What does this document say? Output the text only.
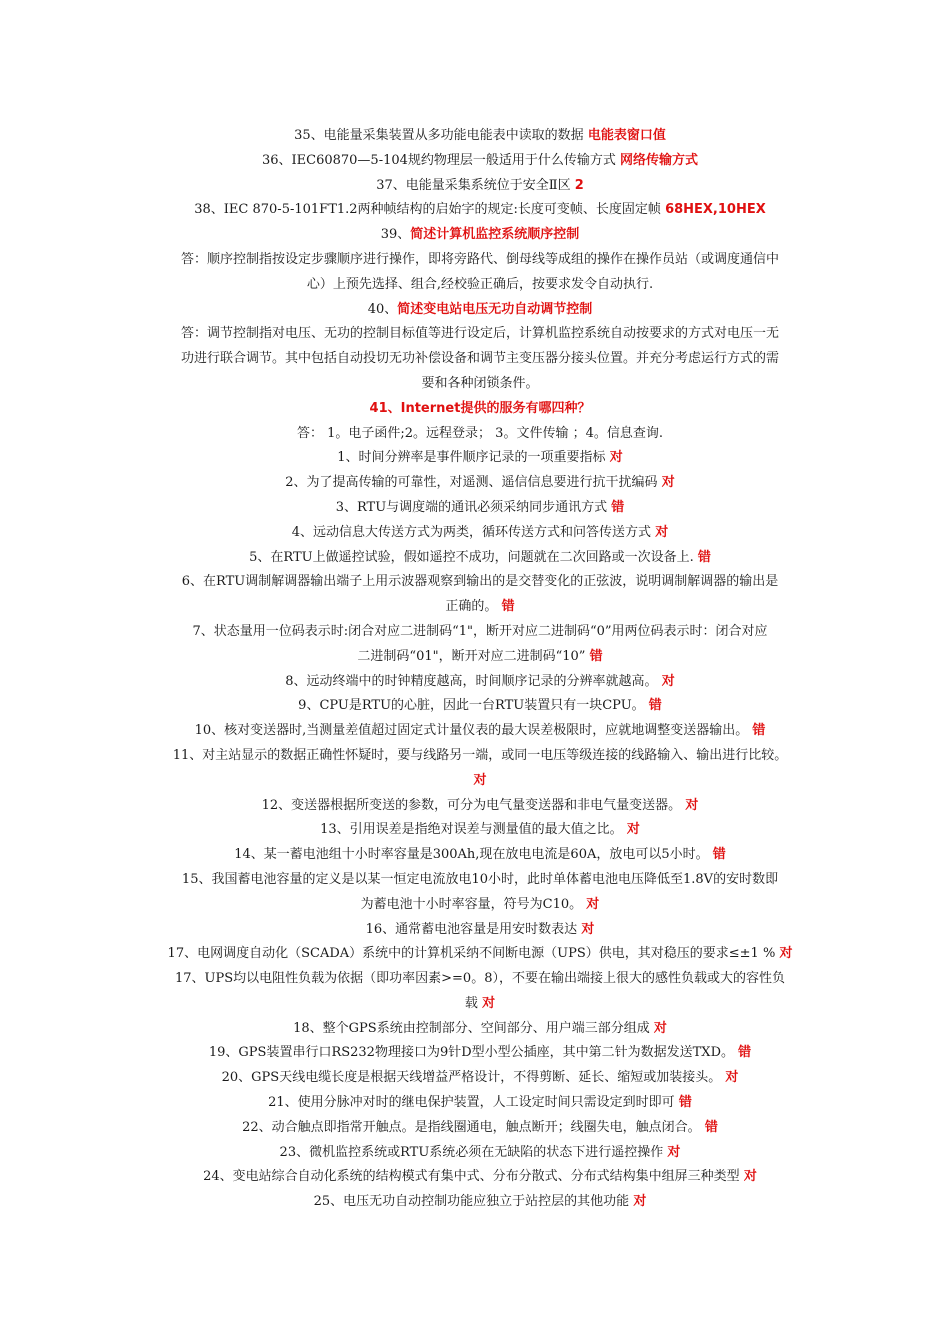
35、电能量采集装置从多功能电能表中读取的数据 电能表窗口值
36、IEC60870—5-104规约物理层一般适用于什么传输方式 网络传输方式
37、电能量采集系统位于安全Ⅱ区 2
38、IEC 870-5-101FT1.2两种帧结构的启始字的规定:长度可变帧、长度固定帧 68HEX,10HEX
39、简述计算机监控系统顺序控制
答：顺序控制指按设定步骤顺序进行操作，即将旁路代、倒母线等成组的操作在操作员站（或调度通信中
心）上预先选择、组合,经校验正确后，按要求发令自动执行.
40、简述变电站电压无功自动调节控制
答：调节控制指对电压、无功的控制目标值等进行设定后，计算机监控系统自动按要求的方式对电压一无
功进行联合调节。其中包括自动投切无功补偿设备和调节主变压器分接头位置。并充分考虑运行方式的需
要和各种闭锁条件。
41、Internet提供的服务有哪四种？
答： 1。电子函件;2。远程登录； 3。文件传输 ；4。信息查询.
1、时间分辨率是事件顺序记录的一项重要指标 对
2、为了提高传输的可靠性，对遥测、遥信信息要进行抗干扰编码 对
3、RTU与调度端的通讯必须采纳同步通讯方式 错
4、远动信息大传送方式为两类，循环传送方式和问答传送方式 对
5、在RTU上做遥控试验，假如遥控不成功，问题就在二次回路或一次设备上. 错
6、在RTU调制解调器输出端子上用示波器观察到输出的是交替变化的正弦波，说明调制解调器的输出是
正确的。 错
7、状态量用一位码表示时:闭合对应二进制码“1"，断开对应二进制码“0”用两位码表示时：闭合对应
二进制码“01"，断开对应二进制码“10” 错
8、远动终端中的时钟精度越高，时间顺序记录的分辨率就越高。 对
9、CPU是RTU的心脏，因此一台RTU装置只有一块CPU。 错
10、核对变送器时,当测量差值超过固定式计量仪表的最大误差极限时，应就地调整变送器输出。 错
11、对主站显示的数据正确性怀疑时，要与线路另一端，或同一电压等级连接的线路输入、输出进行比较。
对
12、变送器根据所变送的参数，可分为电气量变送器和非电气量变送器。 对
13、引用误差是指绝对误差与测量值的最大值之比。 对
14、某一蓄电池组十小时率容量是300Ah,现在放电电流是60A，放电可以5小时。 错
15、我国蓄电池容量的定义是以某一恒定电流放电10小时，此时单体蓄电池电压降低至1.8V的安时数即
为蓄电池十小时率容量，符号为C10。 对
16、通常蓄电池容量是用安时数表达 对
17、电网调度自动化（SCADA）系统中的计算机采纳不间断电源（UPS）供电，其对稳压的要求≤±1 % 对
17、UPS均以电阻性负载为依据（即功率因素>=0。8），不要在输出端接上很大的感性负载或大的容性负
载 对
18、整个GPS系统由控制部分、空间部分、用户端三部分组成 对
19、GPS装置串行口RS232物理接口为9针D型小型公插座，其中第二针为数据发送TXD。 错
20、GPS天线电缆长度是根据天线增益严格设计，不得剪断、延长、缩短或加装接头。 对
21、使用分脉冲对时的继电保护装置，人工设定时间只需设定到时即可 错
22、动合触点即指常开触点。是指线圈通电，触点断开；线圈失电，触点闭合。 错
23、微机监控系统或RTU系统必须在无缺陷的状态下进行遥控操作 对
24、变电站综合自动化系统的结构模式有集中式、分布分散式、分布式结构集中组屏三种类型 对
25、电压无功自动控制功能应独立于站控层的其他功能 对
